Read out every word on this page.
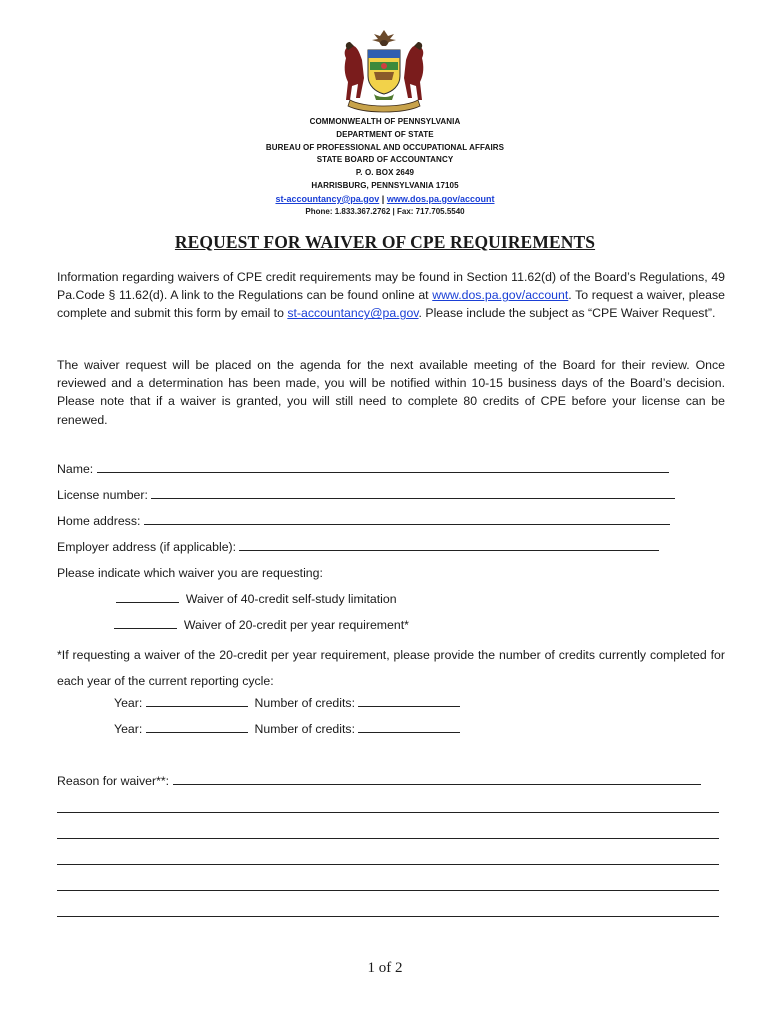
COMMONWEALTH OF PENNSYLVANIA
DEPARTMENT OF STATE
BUREAU OF PROFESSIONAL AND OCCUPATIONAL AFFAIRS
STATE BOARD OF ACCOUNTANCY
P. O. BOX 2649
HARRISBURG, PENNSYLVANIA 17105
st-accountancy@pa.gov | www.dos.pa.gov/account
Phone: 1.833.367.2762 | Fax: 717.705.5540
REQUEST FOR WAIVER OF CPE REQUIREMENTS
Information regarding waivers of CPE credit requirements may be found in Section 11.62(d) of the Board’s Regulations, 49 Pa.Code § 11.62(d). A link to the Regulations can be found online at www.dos.pa.gov/account. To request a waiver, please complete and submit this form by email to st-accountancy@pa.gov. Please include the subject as “CPE Waiver Request”.
The waiver request will be placed on the agenda for the next available meeting of the Board for their review. Once reviewed and a determination has been made, you will be notified within 10-15 business days of the Board’s decision. Please note that if a waiver is granted, you will still need to complete 80 credits of CPE before your license can be renewed.
Name:
License number:
Home address:
Employer address (if applicable):
Please indicate which waiver you are requesting:
Waiver of 40-credit self-study limitation
Waiver of 20-credit per year requirement*
*If requesting a waiver of the 20-credit per year requirement, please provide the number of credits currently completed for each year of the current reporting cycle:
Year:	Number of credits:
Year:	Number of credits:
Reason for waiver**:
1 of 2
